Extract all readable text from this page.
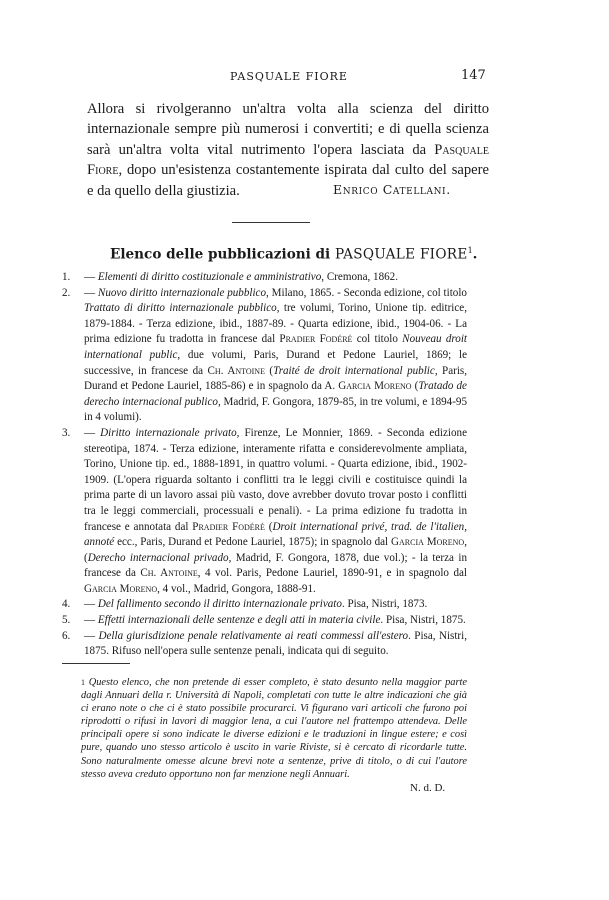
PASQUALE FIORE	147

Allora si rivolgeranno un'altra volta alla scienza del diritto internazionale sempre più numerosi i convertiti; e di quella scienza sarà un'altra volta vital nutrimento l'opera lasciata da Pasquale Fiore, dopo un'esistenza costantemente ispirata dal culto del sapere e da quello della giustizia.	Enrico Catellani.
Elenco delle pubblicazioni di PASQUALE FIORE$^1$.
1. — Elementi di diritto costituzionale e amministrativo, Cremona, 1862.
2. — Nuovo diritto internazionale pubblico, Milano, 1865. - Seconda edizione, col titolo Trattato di diritto internazionale pubblico, tre volumi, Torino, Unione tip. editrice, 1879-1884. - Terza edizione, ibid., 1887-89. - Quarta edizione, ibid., 1904-06. - La prima edizione fu tradotta in francese dal Pradier Fodéré col titolo Nouveau droit international public, due volumi, Paris, Durand et Pedone Lauriel, 1869; le successive, in francese da Ch. Antoine (Traité de droit international public, Paris, Durand et Pedone Lauriel, 1885-86) e in spagnolo da A. Garcia Moreno (Tratado de derecho internacional publico, Madrid, F. Gongora, 1879-85, in tre volumi, e 1894-95 in 4 volumi).
3. — Diritto internazionale privato, Firenze, Le Monnier, 1869. - Seconda edizione stereotipa, 1874. - Terza edizione, interamente rifatta e considerevolmente ampliata, Torino, Unione tip. ed., 1888-1891, in quattro volumi. - Quarta edizione, ibid., 1902-1909. (L'opera riguarda soltanto i conflitti tra le leggi civili e costituisce quindi la prima parte di un lavoro assai più vasto, dove avrebber dovuto trovar posto i conflitti tra le leggi commerciali, processuali e penali). - La prima edizione fu tradotta in francese e annotata dal Pradier Fodéré (Droit international privé, trad. de l'italien, annoté ecc., Paris, Durand et Pedone Lauriel, 1875); in spagnolo dal Garcia Moreno, (Derecho internacional privado, Madrid, F. Gongora, 1878, due vol.); - la terza in francese da Ch. Antoine, 4 vol. Paris, Pedone Lauriel, 1890-91, e in spagnolo dal Garcia Moreno, 4 vol., Madrid, Gongora, 1888-91.
4. — Del fallimento secondo il diritto internazionale privato. Pisa, Nistri, 1873.
5. — Effetti internazionali delle sentenze e degli atti in materia civile. Pisa, Nistri, 1875.
6. — Della giurisdizione penale relativamente ai reati commessi all'estero. Pisa, Nistri, 1875. Rifuso nell'opera sulle sentenze penali, indicata qui di seguito.

$^1$ Questo elenco, che non pretende di esser completo, è stato desunto nella maggior parte dagli Annuari della r. Università di Napoli, completati con tutte le altre indicazioni che già ci erano note o che ci è stato possibile procurarci. Vi figurano vari articoli che furono poi riprodotti o rifusi in lavori di maggior lena, a cui l'autore nel frattempo attendeva. Delle principali opere si sono indicate le diverse edizioni e le traduzioni in lingue estere; e così pure, quando uno stesso articolo è uscito in varie Riviste, si è cercato di ricordarle tutte. Sono naturalmente omesse alcune brevi note a sentenze, prive di titolo, o di cui l'autore stesso aveva creduto opportuno non far menzione negli Annuari.

N. d. D.
